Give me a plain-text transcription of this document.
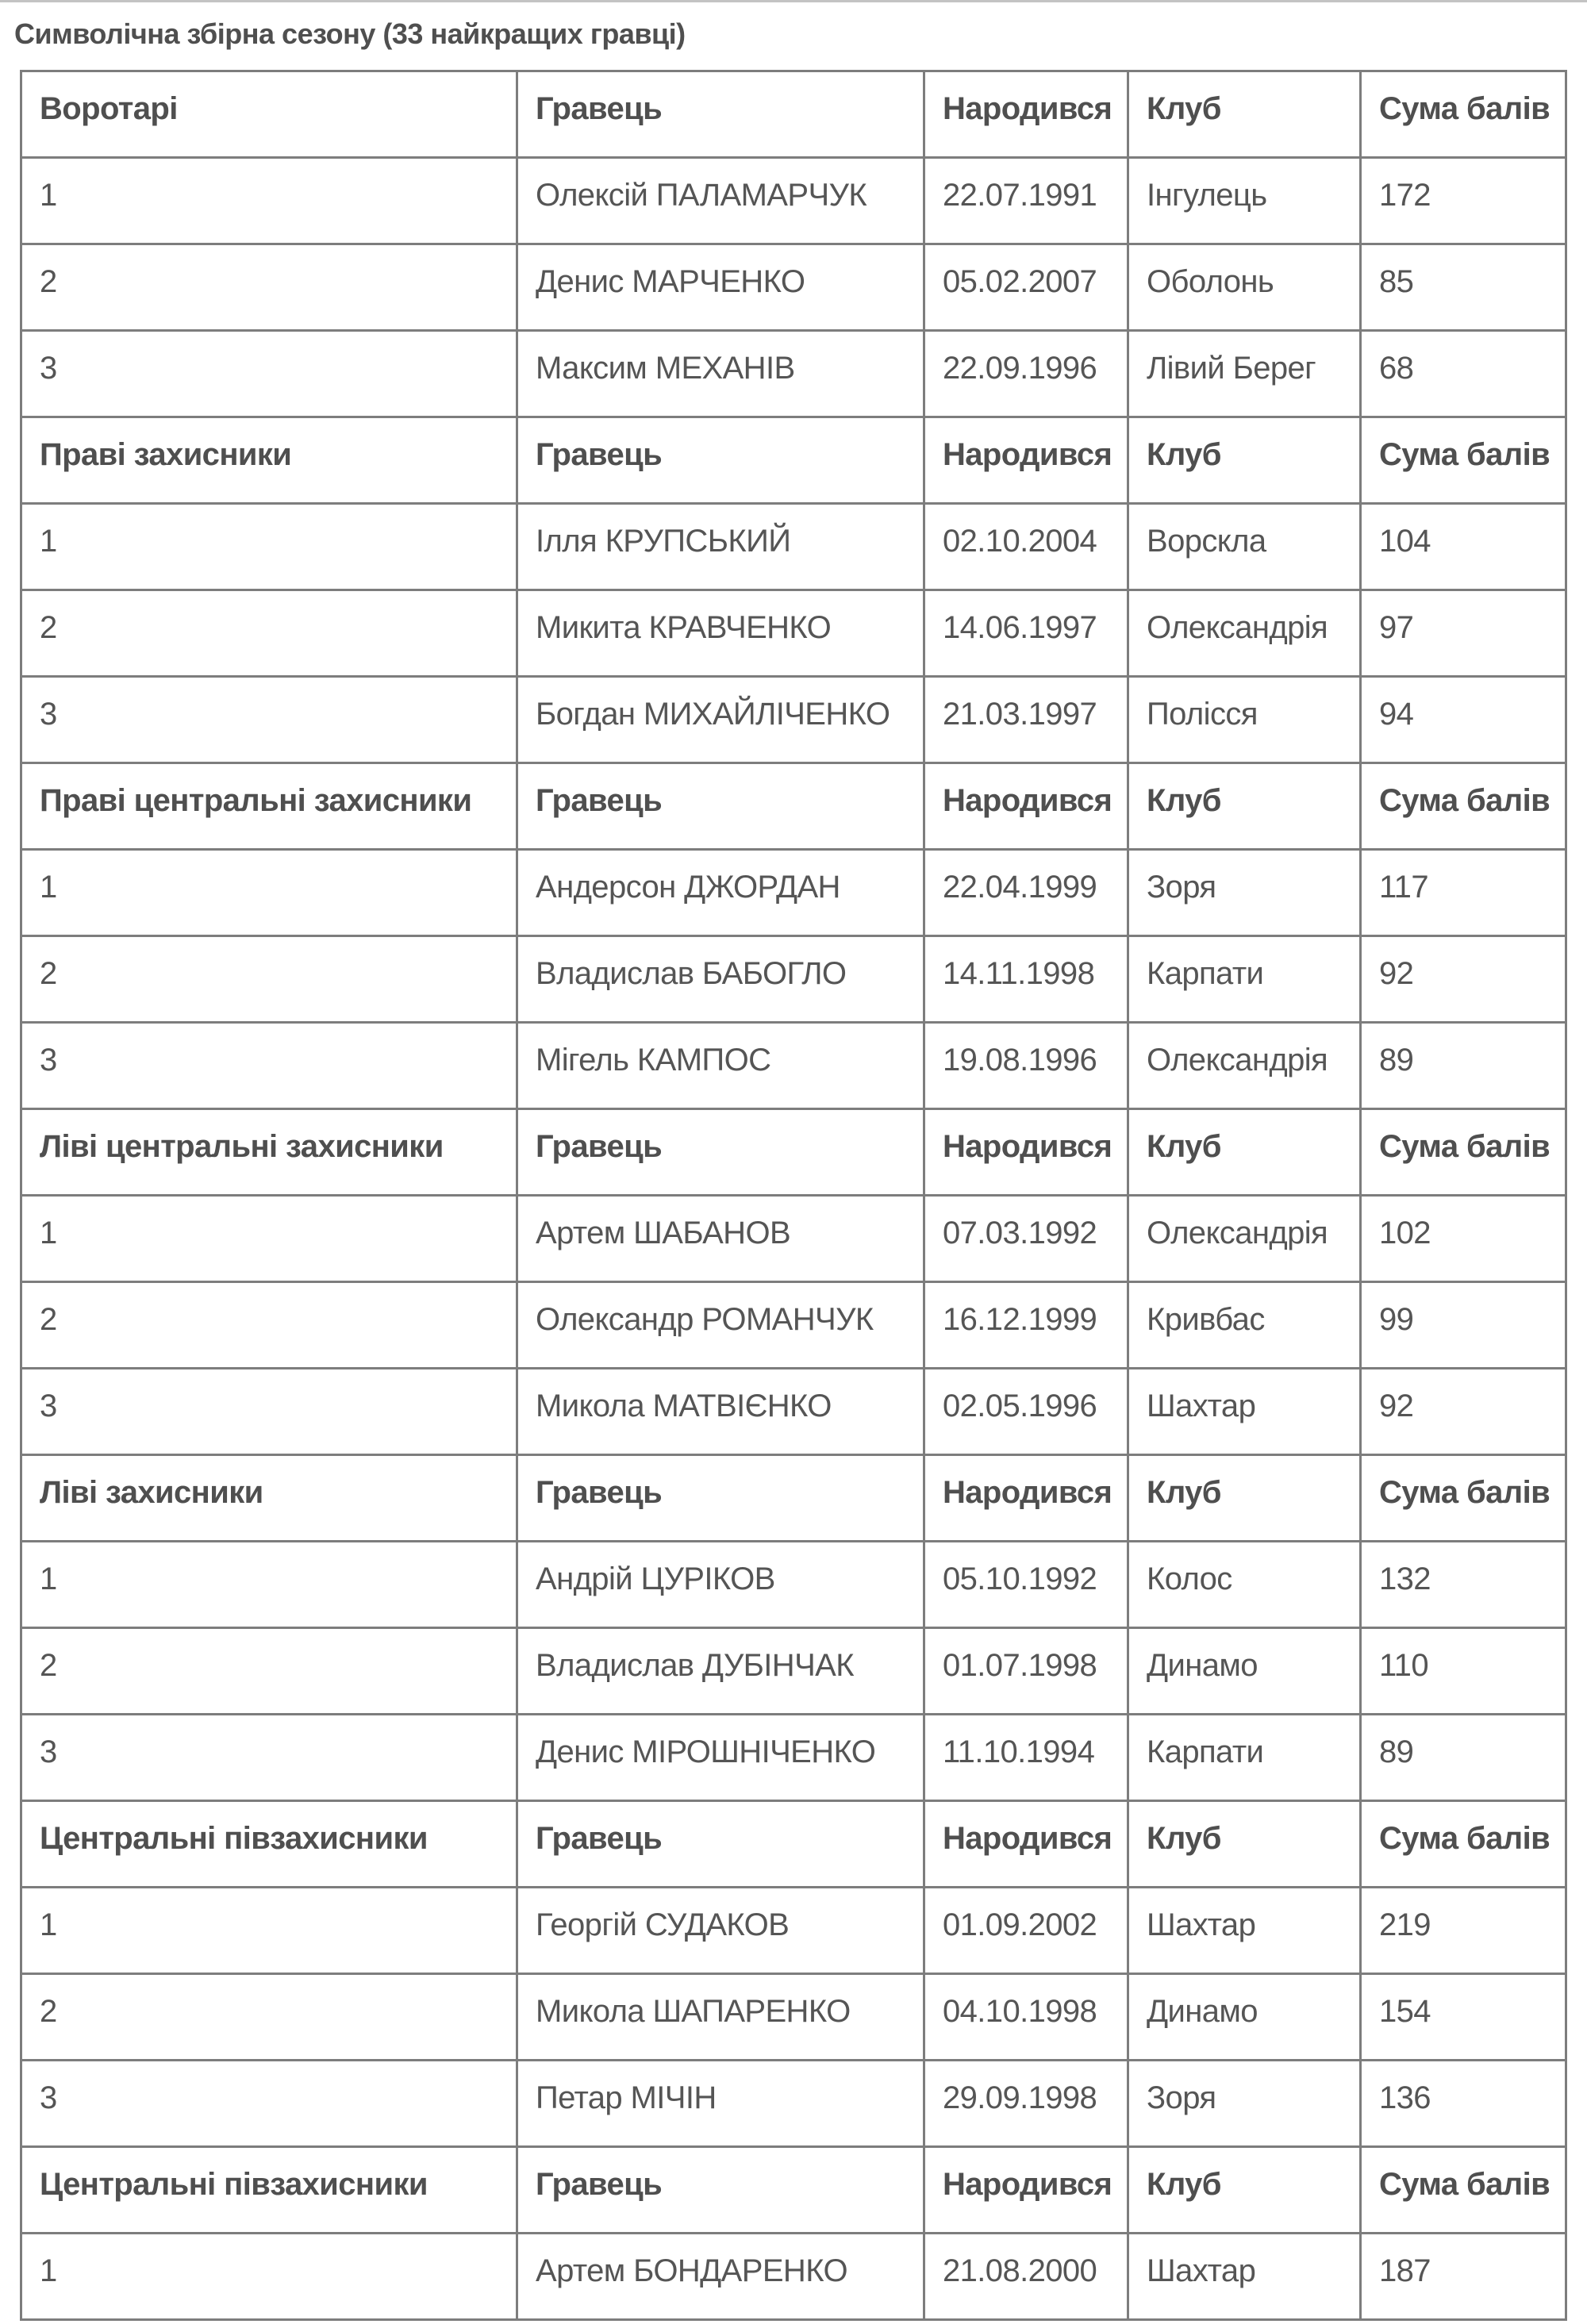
Символічна збірна сезону (33 найкращих гравці)
Воротарі	Гравець	Народився	Клуб	Сума балів
1	Олексій ПАЛАМАРЧУК	22.07.1991	Інгулець	172
2	Денис МАРЧЕНКО	05.02.2007	Оболонь	85
3	Максим МЕХАНІВ	22.09.1996	Лівий Берег	68
Праві захисники	Гравець	Народився	Клуб	Сума балів
1	Ілля КРУПСЬКИЙ	02.10.2004	Ворскла	104
2	Микита КРАВЧЕНКО	14.06.1997	Олександрія	97
3	Богдан МИХАЙЛІЧЕНКО	21.03.1997	Полісся	94
Праві центральні захисники	Гравець	Народився	Клуб	Сума балів
1	Андерсон ДЖОРДАН	22.04.1999	Зоря	117
2	Владислав БАБОГЛО	14.11.1998	Карпати	92
3	Мігель КАМПОС	19.08.1996	Олександрія	89
Ліві центральні захисники	Гравець	Народився	Клуб	Сума балів
1	Артем ШАБАНОВ	07.03.1992	Олександрія	102
2	Олександр РОМАНЧУК	16.12.1999	Кривбас	99
3	Микола МАТВІЄНКО	02.05.1996	Шахтар	92
Ліві захисники	Гравець	Народився	Клуб	Сума балів
1	Андрій ЦУРІКОВ	05.10.1992	Колос	132
2	Владислав ДУБІНЧАК	01.07.1998	Динамо	110
3	Денис МІРОШНІЧЕНКО	11.10.1994	Карпати	89
Центральні півзахисники	Гравець	Народився	Клуб	Сума балів
1	Георгій СУДАКОВ	01.09.2002	Шахтар	219
2	Микола ШАПАРЕНКО	04.10.1998	Динамо	154
3	Петар МІЧІН	29.09.1998	Зоря	136
Центральні півзахисники	Гравець	Народився	Клуб	Сума балів
1	Артем БОНДАРЕНКО	21.08.2000	Шахтар	187
